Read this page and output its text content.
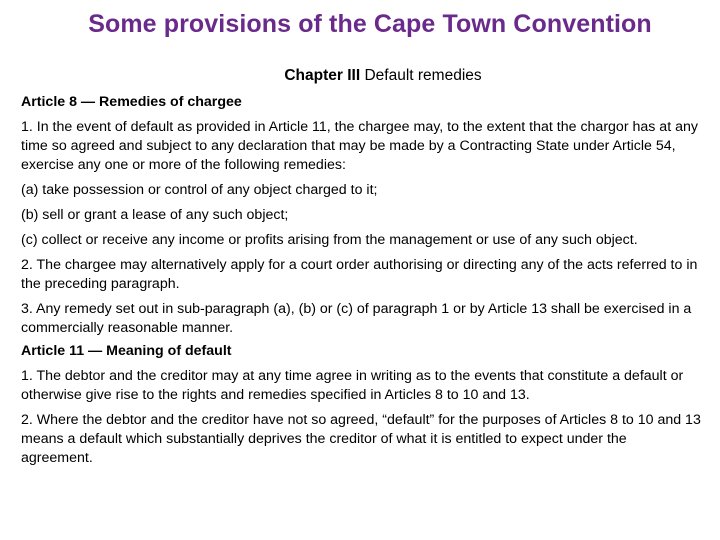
Some provisions of the Cape Town Convention
Chapter III Default remedies
Article 8 — Remedies of chargee

1. In the event of default as provided in Article 11, the chargee may, to the extent that the chargor has at any time so agreed and subject to any declaration that may be made by a Contracting State under Article 54, exercise any one or more of the following remedies:

(a) take possession or control of any object charged to it;

(b) sell or grant a lease of any such object;

(c) collect or receive any income or profits arising from the management or use of any such object.

2. The chargee may alternatively apply for a court order authorising or directing any of the acts referred to in the preceding paragraph.

3. Any remedy set out in sub-paragraph (a), (b) or (c) of paragraph 1 or by Article 13 shall be exercised in a commercially reasonable manner.

Article 11 — Meaning of default

1. The debtor and the creditor may at any time agree in writing as to the events that constitute a default or otherwise give rise to the rights and remedies specified in Articles 8 to 10 and 13.

2. Where the debtor and the creditor have not so agreed, “default” for the purposes of Articles 8 to 10 and 13 means a default which substantially deprives the creditor of what it is entitled to expect under the agreement.
